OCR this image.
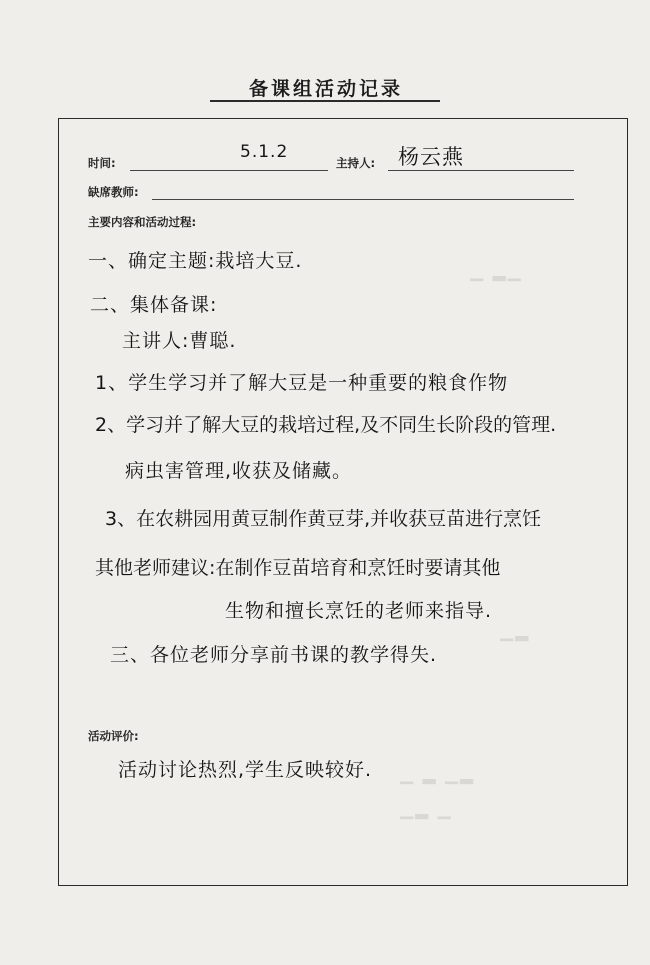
备课组活动记录
▁ ▂▁
▁▂
▁ ▂ ▁▂
▁▂ ▁
时间:
5.1.2
主持人: 杨云燕
缺席教师:
主要内容和活动过程:
一、确定主题:栽培大豆.
二、集体备课:
主讲人:曹聪.
1、学生学习并了解大豆是一种重要的粮食作物
2、学习并了解大豆的栽培过程,及不同生长阶段的管理.
病虫害管理,收获及储藏。
3、在农耕园用黄豆制作黄豆芽,并收获豆苗进行烹饪
其他老师建议:在制作豆苗培育和烹饪时要请其他
生物和擅长烹饪的老师来指导.
三、各位老师分享前书课的教学得失.
活动评价:
活动讨论热烈,学生反映较好.
